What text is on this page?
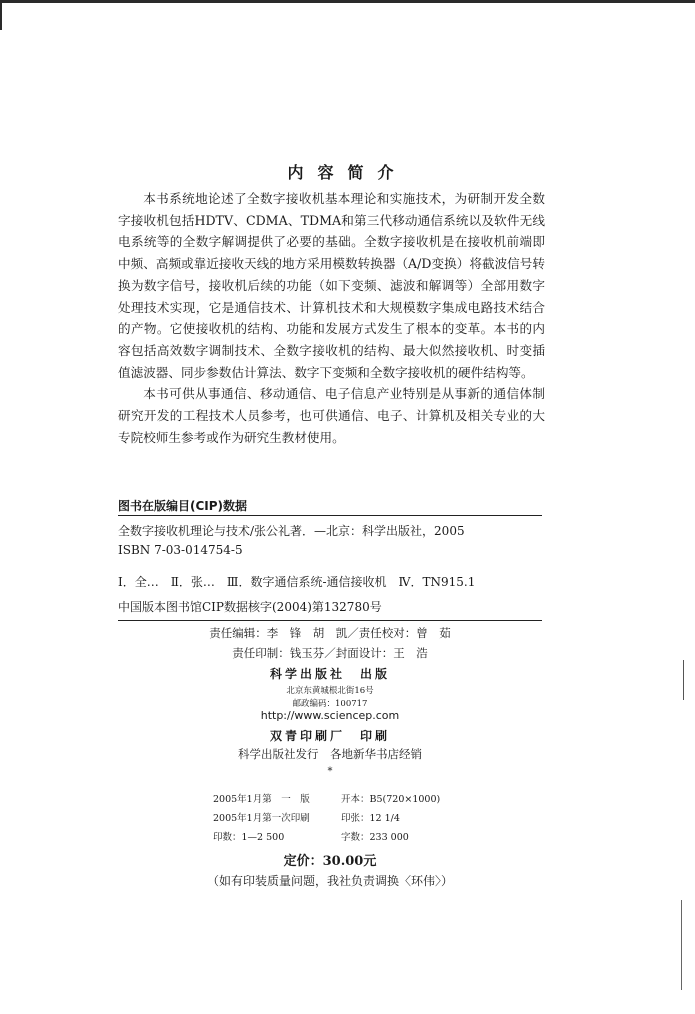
内容简介

本书系统地论述了全数字接收机基本理论和实施技术，为研制开发全数字接收机包括HDTV、CDMA、TDMA和第三代移动通信系统以及软件无线电系统等的全数字解调提供了必要的基础。全数字接收机是在接收机前端即中频、高频或靠近接收天线的地方采用模数转换器（A/D变换）将截波信号转换为数字信号，接收机后续的功能（如下变频、滤波和解调等）全部用数字处理技术实现，它是通信技术、计算机技术和大规模数字集成电路技术结合的产物。它使接收机的结构、功能和发展方式发生了根本的变革。本书的内容包括高效数字调制技术、全数字接收机的结构、最大似然接收机、时变插值滤波器、同步参数估计算法、数字下变频和全数字接收机的硬件结构等。

本书可供从事通信、移动通信、电子信息产业特别是从事新的通信体制研究开发的工程技术人员参考，也可供通信、电子、计算机及相关专业的大专院校师生参考或作为研究生教材使用。

图书在版编目(CIP)数据
全数字接收机理论与技术/张公礼著．—北京：科学出版社，2005
ISBN 7-03-014754-5
Ⅰ．全…　Ⅱ．张…　Ⅲ．数字通信系统-通信接收机　Ⅳ．TN915.1
中国版本图书馆CIP数据核字(2004)第132780号
责任编辑：李　锋　胡　凯／责任校对：曾　茹
责任印制：钱玉芬／封面设计：王　浩
科学出版社　出版
北京东黄城根北街16号
邮政编码：100717
http://www.sciencep.com
双青印刷厂　印刷
科学出版社发行　各地新华书店经销
*
2005年1月第　一　版	开本：B5(720×1000)
2005年1月第一次印刷	印张：12 1/4
印数：1—2 500	字数：233 000
定价：30.00元
（如有印装质量问题，我社负责调换〈环伟〉）
